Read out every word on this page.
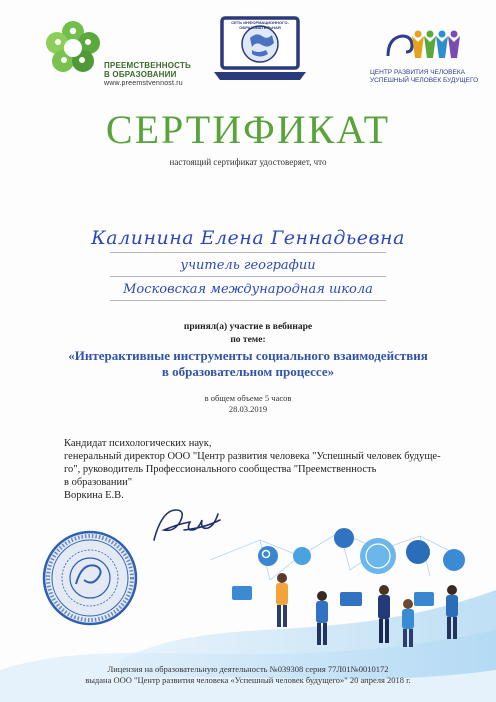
ПРЕЕМСТВЕННОСТЬ
В ОБРАЗОВАНИИ
www.preemstvennost.ru
СЕТЬ ИНФОРМАЦИОННОГО-ОБРАЗОВАТЕЛЬНАЯ
ЦЕНТР РАЗВИТИЯ ЧЕЛОВЕКА
УСПЕШНЫЙ ЧЕЛОВЕК БУДУЩЕГО
СЕРТИФИКАТ
настоящий сертификат удостоверяет, что
Калинина Елена Геннадьевна
учитель географии
Московская международная школа
принял(а) участие в вебинаре
по теме:
«Интерактивные инструменты социального взаимодействия
в образовательном процессе»
в общем объеме 5 часов
28.03.2019
Кандидат психологических наук,
генеральный директор ООО "Центр развития человека "Успешный человек будуще-
го", руководитель Профессионального сообщества "Преемственность
в образовании"
Воркина Е.В.
Лицензия на образовательную деятельность №039308 серия 77Л01№0010172
выдана ООО "Центр развития человека «Успешный человек будущего»" 20 апреля 2018 г.
